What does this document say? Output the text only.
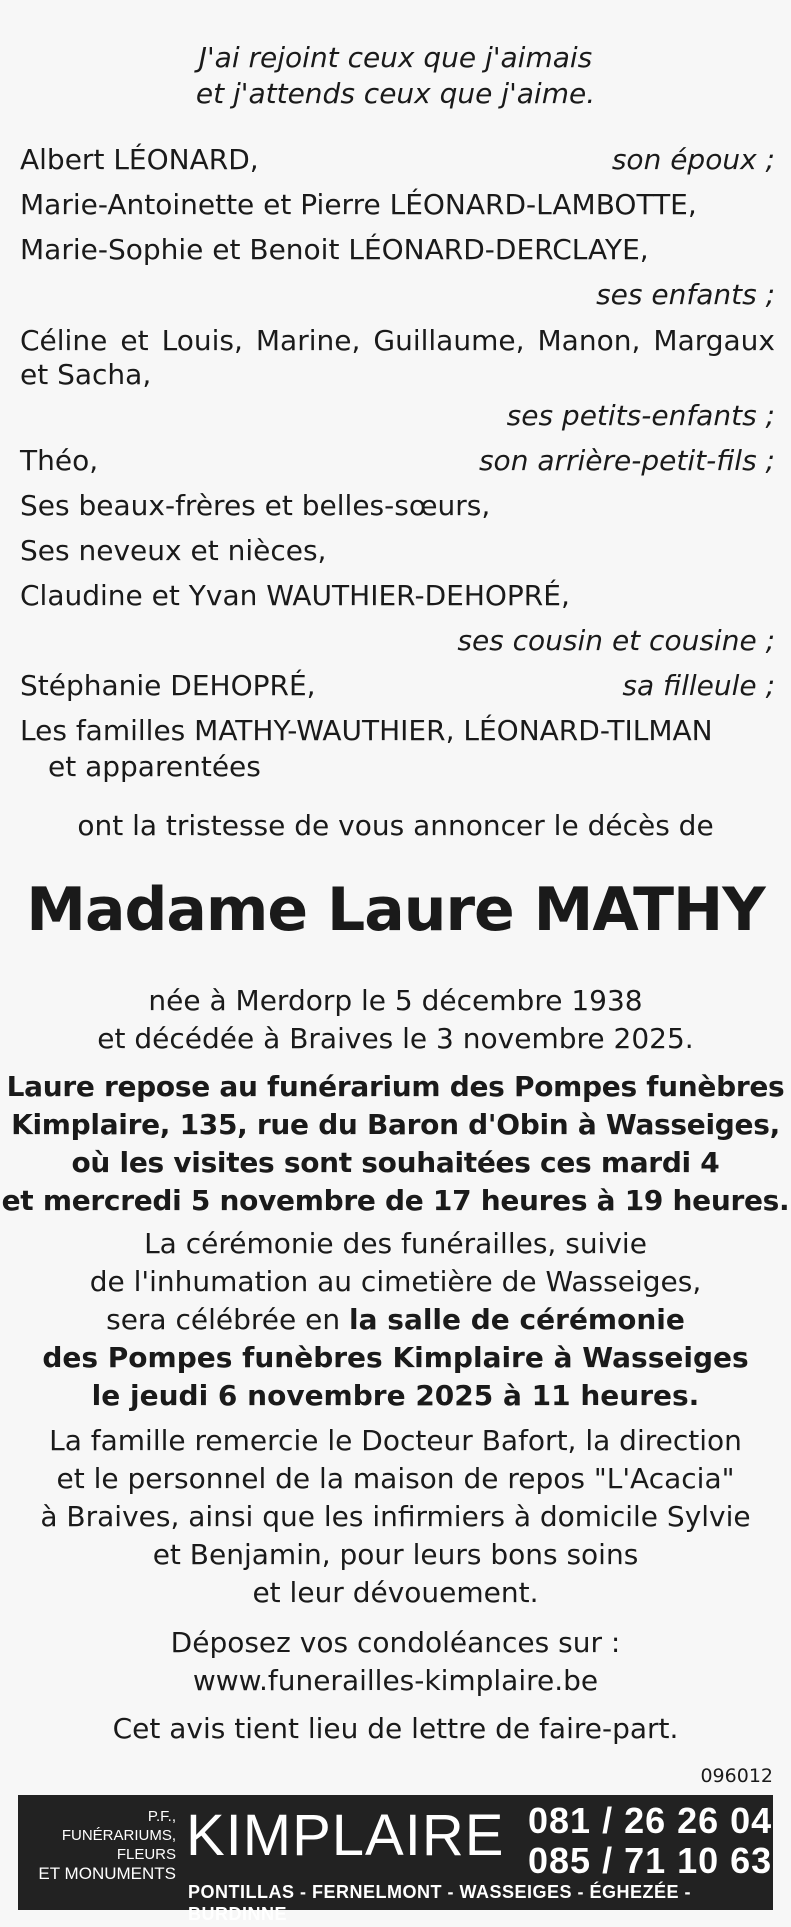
J'ai rejoint ceux que j'aimais
et j'attends ceux que j'aime.
Albert LÉONARD,	son époux ;
Marie-Antoinette et Pierre LÉONARD-LAMBOTTE,
Marie-Sophie et Benoit LÉONARD-DERCLAYE,
ses enfants ;
Céline et Louis, Marine, Guillaume, Manon, Margaux et Sacha,
ses petits-enfants ;
Théo,	son arrière-petit-fils ;
Ses beaux-frères et belles-sœurs,
Ses neveux et nièces,
Claudine et Yvan WAUTHIER-DEHOPRÉ,
ses cousin et cousine ;
Stéphanie DEHOPRÉ,	sa filleule ;
Les familles MATHY-WAUTHIER, LÉONARD-TILMAN
et apparentées
ont la tristesse de vous annoncer le décès de
Madame Laure MATHY
née à Merdorp le 5 décembre 1938
et décédée à Braives le 3 novembre 2025.
Laure repose au funérarium des Pompes funèbres
Kimplaire, 135, rue du Baron d'Obin à Wasseiges,
où les visites sont souhaitées ces mardi 4
et mercredi 5 novembre de 17 heures à 19 heures.
La cérémonie des funérailles, suivie
de l'inhumation au cimetière de Wasseiges,
sera célébrée en la salle de cérémonie
des Pompes funèbres Kimplaire à Wasseiges
le jeudi 6 novembre 2025 à 11 heures.
La famille remercie le Docteur Bafort, la direction
et le personnel de la maison de repos "L'Acacia"
à Braives, ainsi que les infirmiers à domicile Sylvie
et Benjamin, pour leurs bons soins
et leur dévouement.
Déposez vos condoléances sur :
www.funerailles-kimplaire.be
Cet avis tient lieu de lettre de faire-part.
096012
P.F.,
FUNÉRARIUMS,
FLEURS
ET MONUMENTS
KIMPLAIRE 081 / 26 26 04
085 / 71 10 63
PONTILLAS - FERNELMONT - WASSEIGES - ÉGHEZÉE - BURDINNE
